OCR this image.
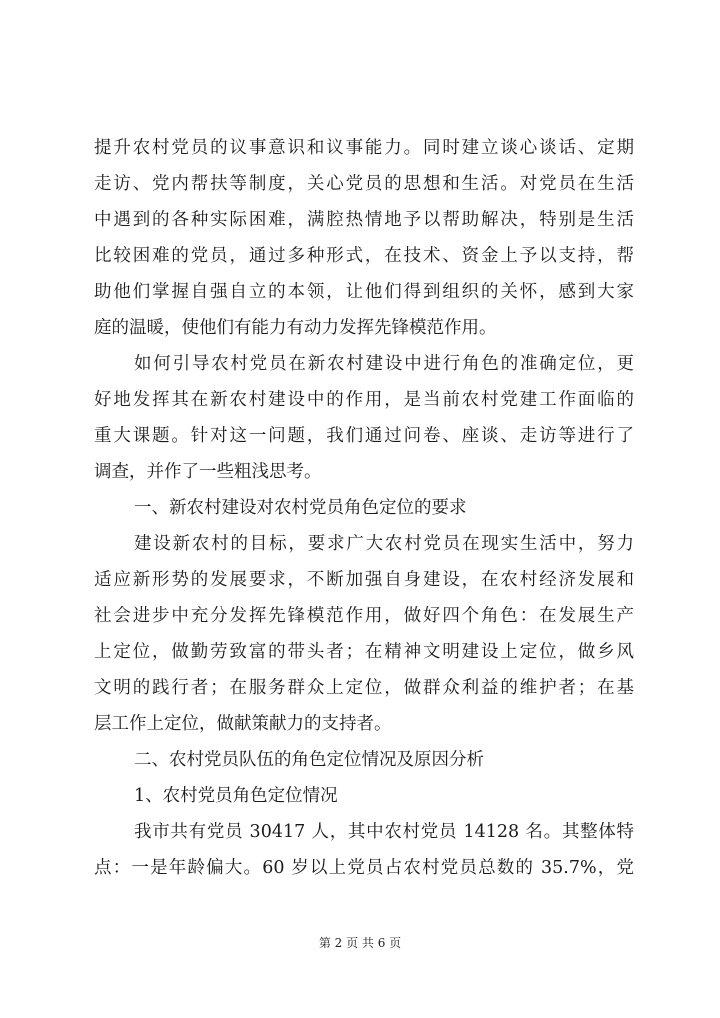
提升农村党员的议事意识和议事能力。同时建立谈心谈话、定期
走访、党内帮扶等制度，关心党员的思想和生活。对党员在生活
中遇到的各种实际困难，满腔热情地予以帮助解决，特别是生活
比较困难的党员，通过多种形式，在技术、资金上予以支持，帮
助他们掌握自强自立的本领，让他们得到组织的关怀，感到大家
庭的温暖，使他们有能力有动力发挥先锋模范作用。
如何引导农村党员在新农村建设中进行角色的准确定位，更
好地发挥其在新农村建设中的作用，是当前农村党建工作面临的
重大课题。针对这一问题，我们通过问卷、座谈、走访等进行了
调查，并作了一些粗浅思考。
一、新农村建设对农村党员角色定位的要求
建设新农村的目标，要求广大农村党员在现实生活中，努力
适应新形势的发展要求，不断加强自身建设，在农村经济发展和
社会进步中充分发挥先锋模范作用，做好四个角色：在发展生产
上定位，做勤劳致富的带头者；在精神文明建设上定位，做乡风
文明的践行者；在服务群众上定位，做群众利益的维护者；在基
层工作上定位，做献策献力的支持者。
二、农村党员队伍的角色定位情况及原因分析
1、农村党员角色定位情况
我市共有党员 30417 人，其中农村党员 14128 名。其整体特
点：一是年龄偏大。60 岁以上党员占农村党员总数的 35.7%，党
第 2 页 共 6 页
